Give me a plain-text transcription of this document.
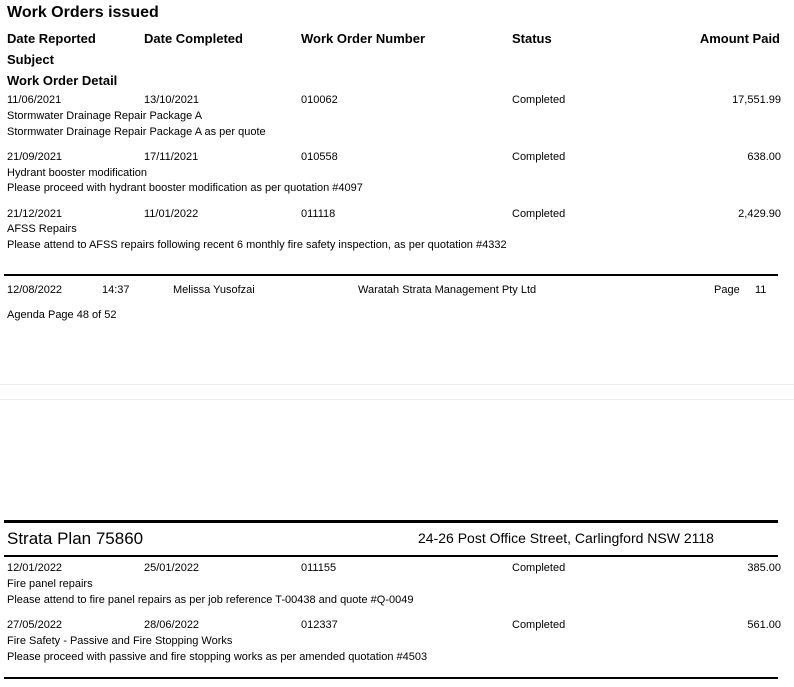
Work Orders issued
Date Reported	Date Completed	Work Order Number	Status	Amount Paid
Subject
Work Order Detail
11/06/2021	13/10/2021	010062	Completed	17,551.99
Stormwater Drainage Repair Package A
Stormwater Drainage Repair Package A as per quote
21/09/2021	17/11/2021	010558	Completed	638.00
Hydrant booster modification
Please proceed with hydrant booster modification as per quotation #4097
21/12/2021	11/01/2022	011118	Completed	2,429.90
AFSS Repairs
Please attend to AFSS repairs following recent 6 monthly fire safety inspection, as per quotation #4332
12/08/2022	14:37	Melissa Yusofzai	Waratah Strata Management Pty Ltd	Page 11
Agenda Page 48 of 52
Strata Plan 75860	24-26 Post Office Street, Carlingford NSW 2118
12/01/2022	25/01/2022	011155	Completed	385.00
Fire panel repairs
Please attend to fire panel repairs as per job reference T-00438 and quote #Q-0049
27/05/2022	28/06/2022	012337	Completed	561.00
Fire Safety - Passive and Fire Stopping Works
Please proceed with passive and fire stopping works as per amended quotation #4503
